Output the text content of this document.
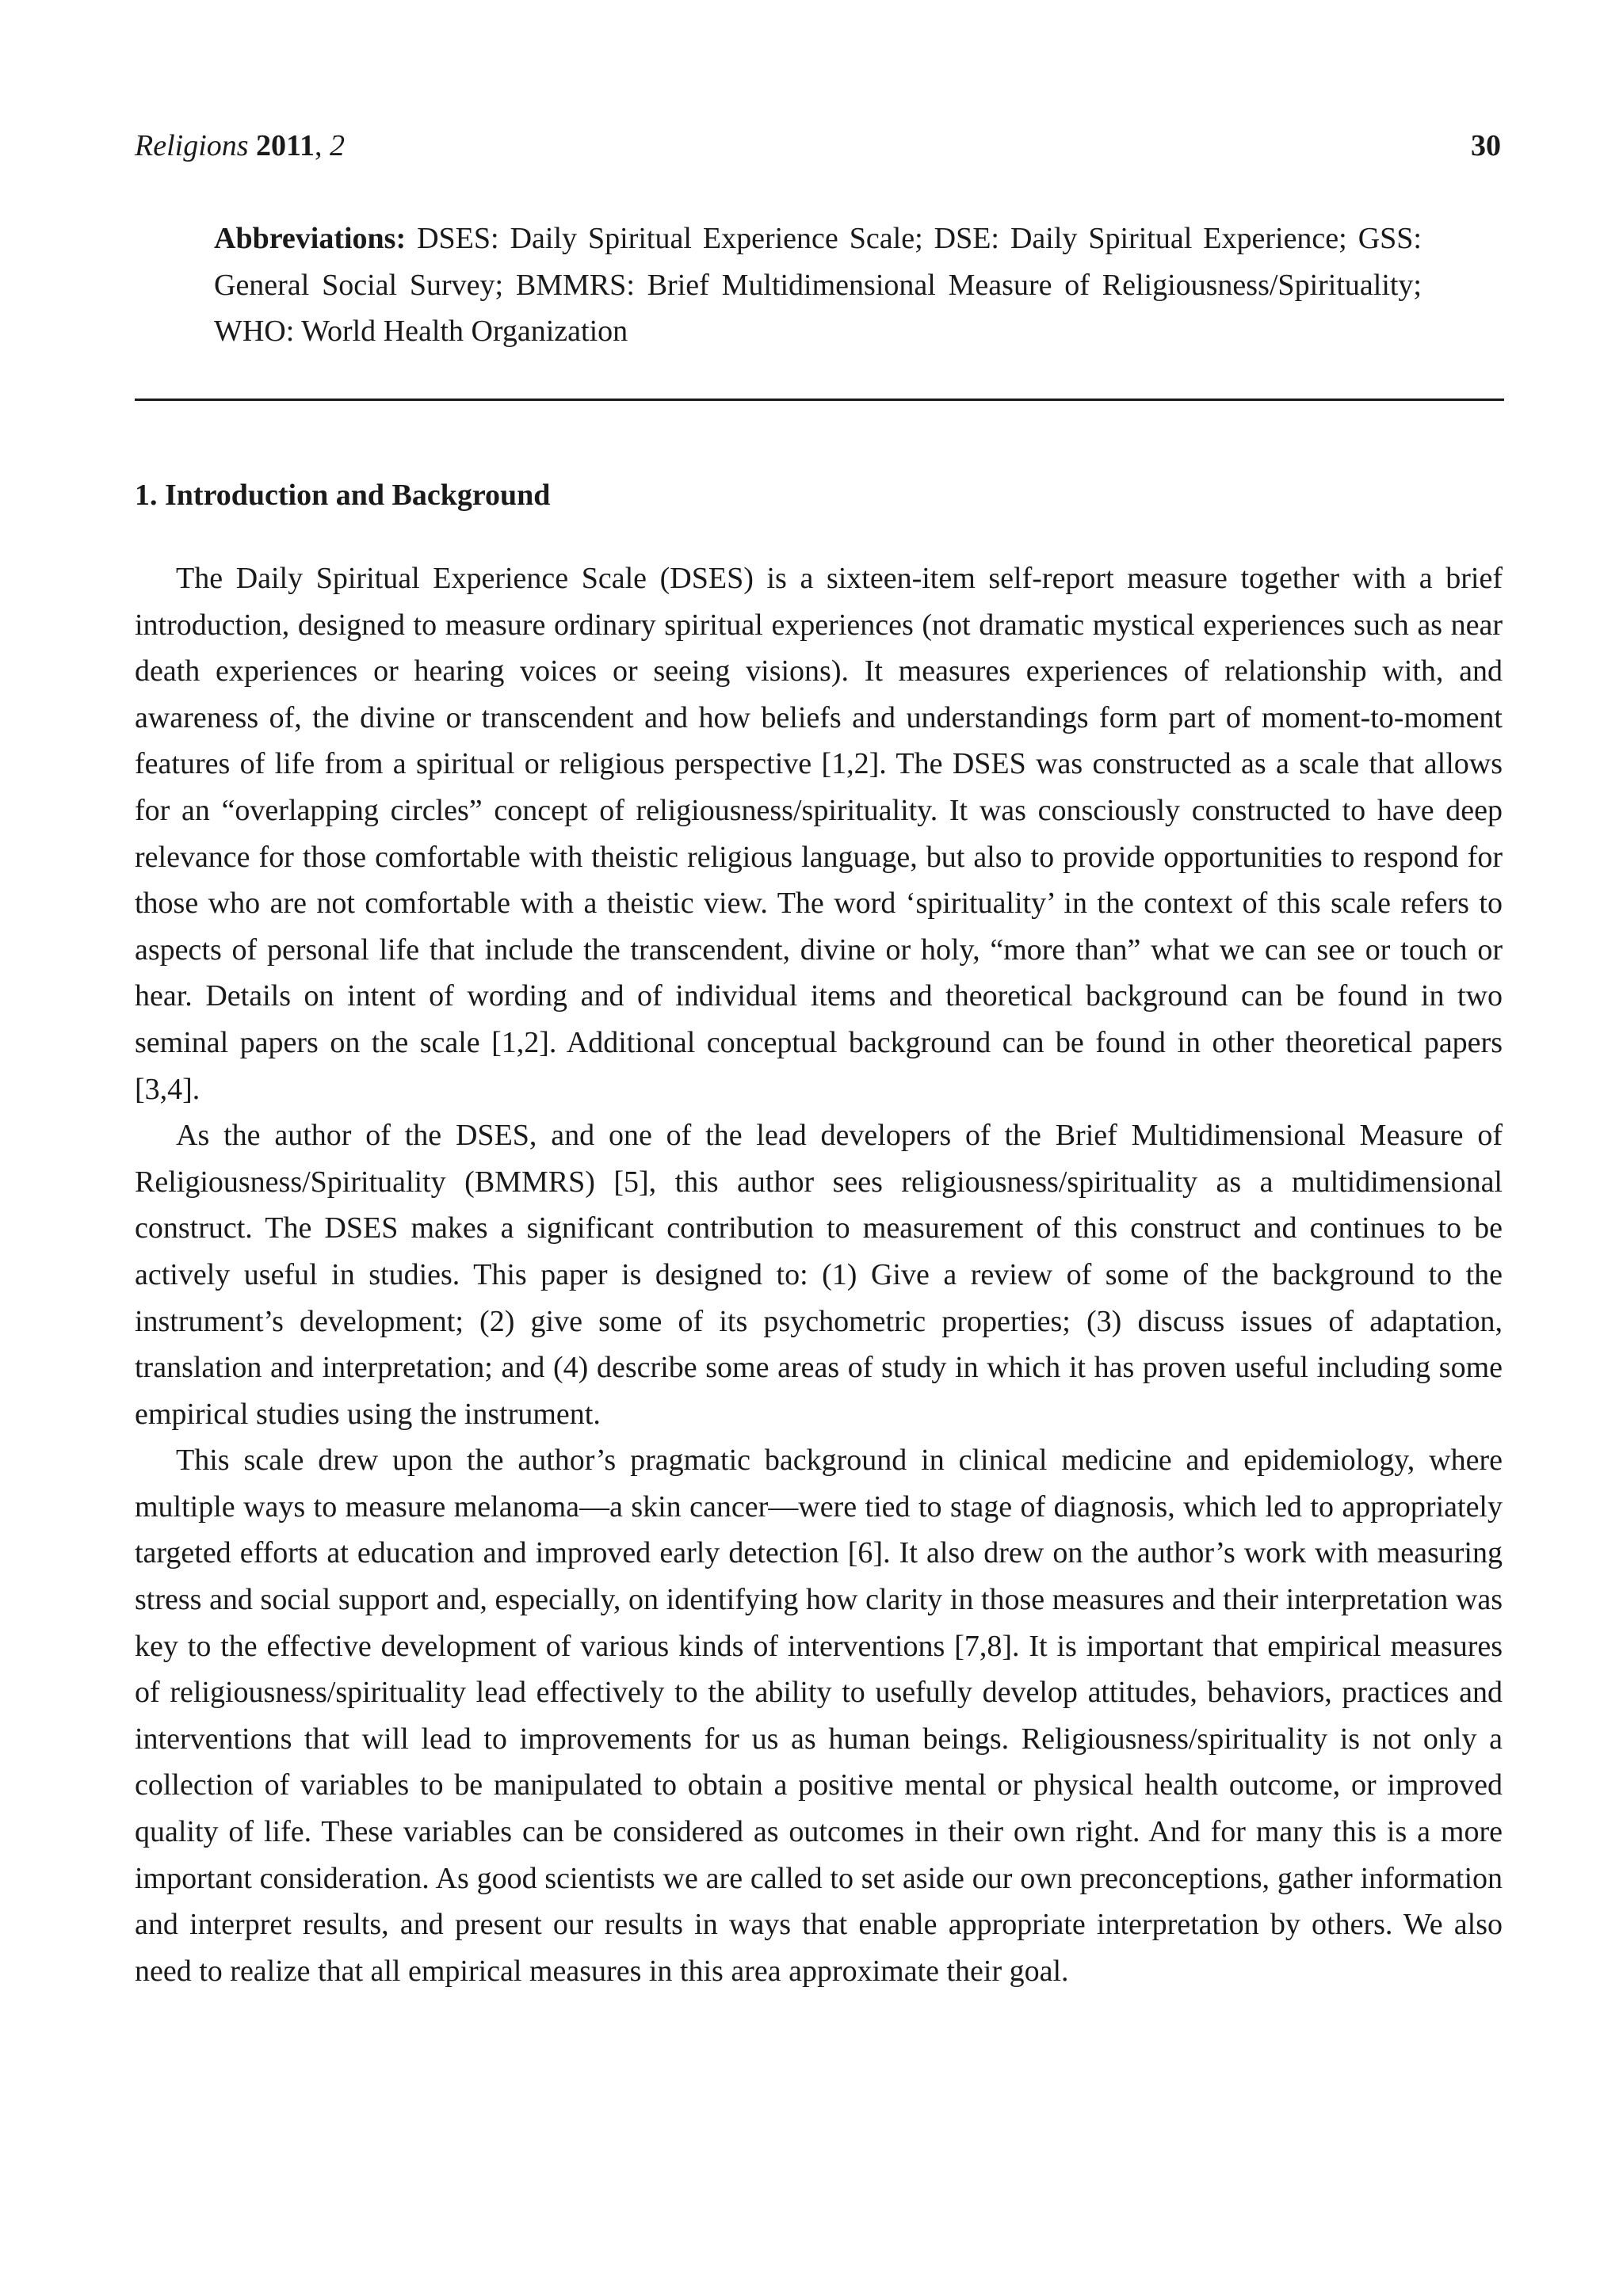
Religions 2011, 2	30

Abbreviations: DSES: Daily Spiritual Experience Scale; DSE: Daily Spiritual Experience; GSS: General Social Survey; BMMRS: Brief Multidimensional Measure of Religiousness/Spirituality; WHO: World Health Organization

1. Introduction and Background

The Daily Spiritual Experience Scale (DSES) is a sixteen-item self-report measure together with a brief introduction, designed to measure ordinary spiritual experiences (not dramatic mystical experiences such as near death experiences or hearing voices or seeing visions). It measures experiences of relationship with, and awareness of, the divine or transcendent and how beliefs and understandings form part of moment-to-moment features of life from a spiritual or religious perspective [1,2]. The DSES was constructed as a scale that allows for an “overlapping circles” concept of religiousness/spirituality. It was consciously constructed to have deep relevance for those comfortable with theistic religious language, but also to provide opportunities to respond for those who are not comfortable with a theistic view. The word ‘spirituality’ in the context of this scale refers to aspects of personal life that include the transcendent, divine or holy, “more than” what we can see or touch or hear. Details on intent of wording and of individual items and theoretical background can be found in two seminal papers on the scale [1,2]. Additional conceptual background can be found in other theoretical papers [3,4].

As the author of the DSES, and one of the lead developers of the Brief Multidimensional Measure of Religiousness/Spirituality (BMMRS) [5], this author sees religiousness/spirituality as a multidimensional construct. The DSES makes a significant contribution to measurement of this construct and continues to be actively useful in studies. This paper is designed to: (1) Give a review of some of the background to the instrument’s development; (2) give some of its psychometric properties; (3) discuss issues of adaptation, translation and interpretation; and (4) describe some areas of study in which it has proven useful including some empirical studies using the instrument.

This scale drew upon the author’s pragmatic background in clinical medicine and epidemiology, where multiple ways to measure melanoma—a skin cancer—were tied to stage of diagnosis, which led to appropriately targeted efforts at education and improved early detection [6]. It also drew on the author’s work with measuring stress and social support and, especially, on identifying how clarity in those measures and their interpretation was key to the effective development of various kinds of interventions [7,8]. It is important that empirical measures of religiousness/spirituality lead effectively to the ability to usefully develop attitudes, behaviors, practices and interventions that will lead to improvements for us as human beings. Religiousness/spirituality is not only a collection of variables to be manipulated to obtain a positive mental or physical health outcome, or improved quality of life. These variables can be considered as outcomes in their own right. And for many this is a more important consideration. As good scientists we are called to set aside our own preconceptions, gather information and interpret results, and present our results in ways that enable appropriate interpretation by others. We also need to realize that all empirical measures in this area approximate their goal.
